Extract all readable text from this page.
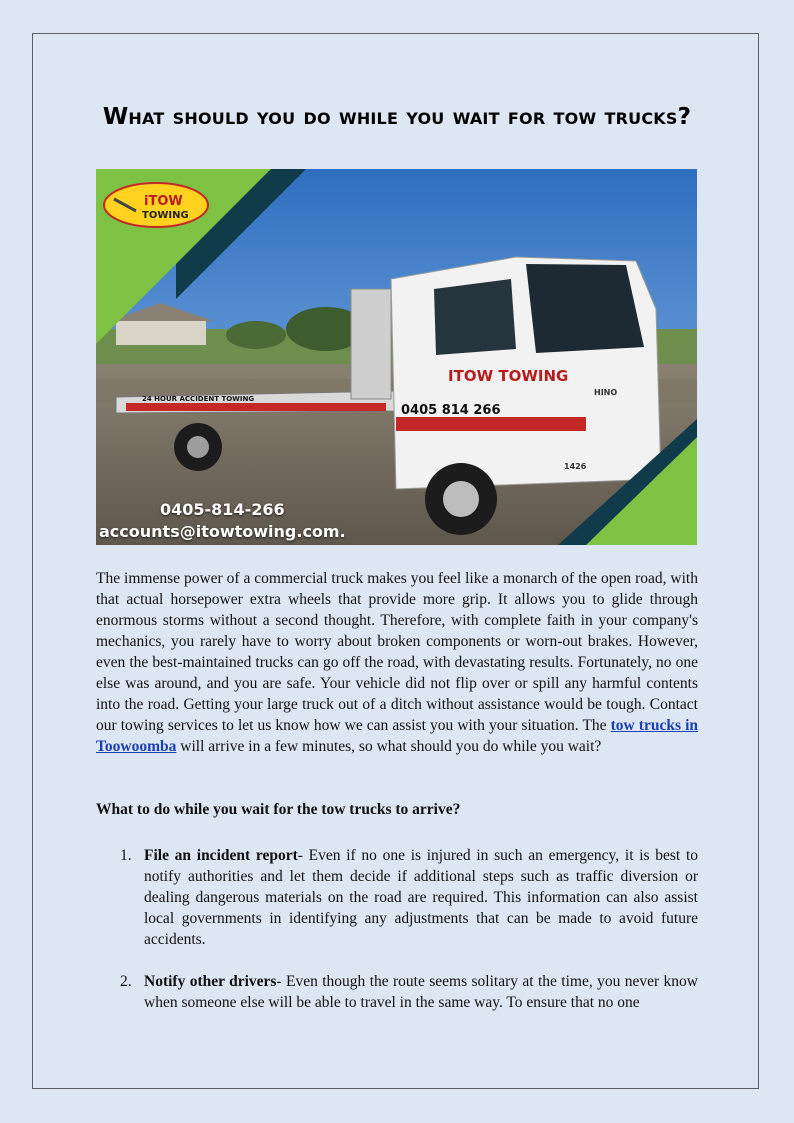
What should you do while you wait for tow trucks?
0405 814 266
24 HOUR ACCIDENT TOWING
ITOW TOWING
HINO
1426
iTOW
TOWING
0405-814-266
accounts@itowtowing.com.

The immense power of a commercial truck makes you feel like a monarch of the open road, with that actual horsepower extra wheels that provide more grip. It allows you to glide through enormous storms without a second thought. Therefore, with complete faith in your company's mechanics, you rarely have to worry about broken components or worn-out brakes. However, even the best-maintained trucks can go off the road, with devastating results. Fortunately, no one else was around, and you are safe. Your vehicle did not flip over or spill any harmful contents into the road. Getting your large truck out of a ditch without assistance would be tough. Contact our towing services to let us know how we can assist you with your situation. The tow trucks in Toowoomba will arrive in a few minutes, so what should you do while you wait?

What to do while you wait for the tow trucks to arrive?

1. File an incident report- Even if no one is injured in such an emergency, it is best to notify authorities and let them decide if additional steps such as traffic diversion or dealing dangerous materials on the road are required. This information can also assist local governments in identifying any adjustments that can be made to avoid future accidents.
2. Notify other drivers- Even though the route seems solitary at the time, you never know when someone else will be able to travel in the same way. To ensure that no one
